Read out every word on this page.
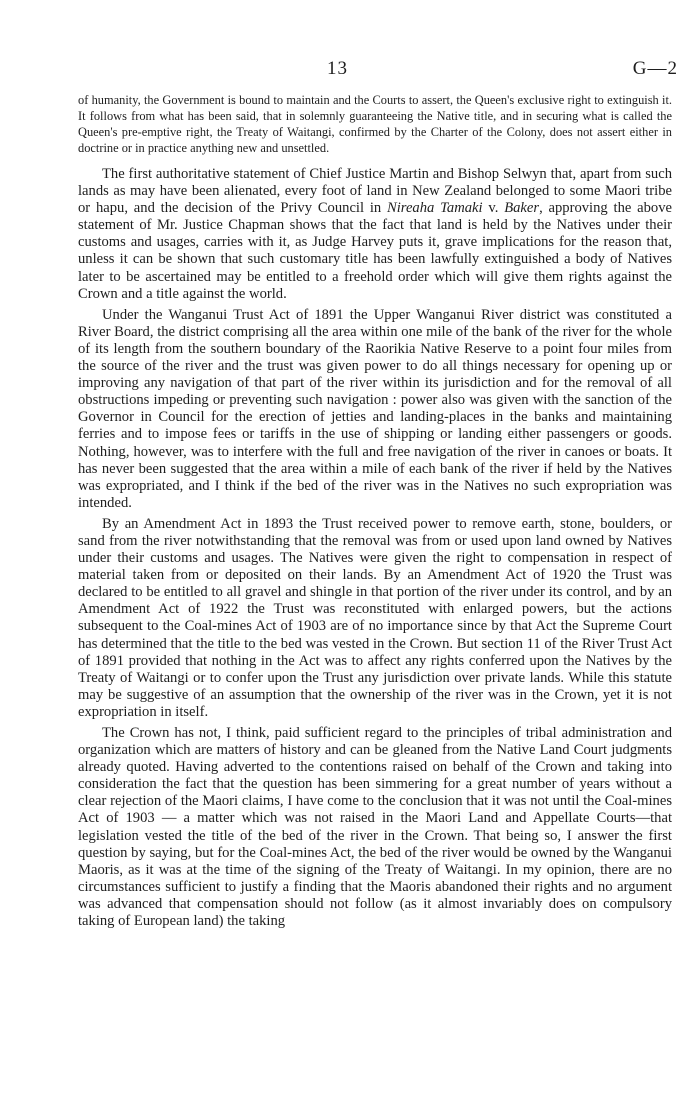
13	G—2

of humanity, the Government is bound to maintain and the Courts to assert, the Queen's exclusive right to extinguish it. It follows from what has been said, that in solemnly guaranteeing the Native title, and in securing what is called the Queen's pre-emptive right, the Treaty of Waitangi, confirmed by the Charter of the Colony, does not assert either in doctrine or in practice anything new and unsettled.

The first authoritative statement of Chief Justice Martin and Bishop Selwyn that, apart from such lands as may have been alienated, every foot of land in New Zealand belonged to some Maori tribe or hapu, and the decision of the Privy Council in Nireaha Tamaki v. Baker, approving the above statement of Mr. Justice Chapman shows that the fact that land is held by the Natives under their customs and usages, carries with it, as Judge Harvey puts it, grave implications for the reason that, unless it can be shown that such customary title has been lawfully extinguished a body of Natives later to be ascertained may be entitled to a freehold order which will give them rights against the Crown and a title against the world.

Under the Wanganui Trust Act of 1891 the Upper Wanganui River district was constituted a River Board, the district comprising all the area within one mile of the bank of the river for the whole of its length from the southern boundary of the Raorikia Native Reserve to a point four miles from the source of the river and the trust was given power to do all things necessary for opening up or improving any navigation of that part of the river within its jurisdiction and for the removal of all obstructions impeding or preventing such navigation : power also was given with the sanction of the Governor in Council for the erection of jetties and landing-places in the banks and maintaining ferries and to impose fees or tariffs in the use of shipping or landing either passengers or goods. Nothing, however, was to interfere with the full and free navigation of the river in canoes or boats. It has never been suggested that the area within a mile of each bank of the river if held by the Natives was expropriated, and I think if the bed of the river was in the Natives no such expropriation was intended.

By an Amendment Act in 1893 the Trust received power to remove earth, stone, boulders, or sand from the river notwithstanding that the removal was from or used upon land owned by Natives under their customs and usages. The Natives were given the right to compensation in respect of material taken from or deposited on their lands. By an Amendment Act of 1920 the Trust was declared to be entitled to all gravel and shingle in that portion of the river under its control, and by an Amendment Act of 1922 the Trust was reconstituted with enlarged powers, but the actions subsequent to the Coal-mines Act of 1903 are of no importance since by that Act the Supreme Court has determined that the title to the bed was vested in the Crown. But section 11 of the River Trust Act of 1891 provided that nothing in the Act was to affect any rights conferred upon the Natives by the Treaty of Waitangi or to confer upon the Trust any jurisdiction over private lands. While this statute may be suggestive of an assumption that the ownership of the river was in the Crown, yet it is not expropriation in itself.

The Crown has not, I think, paid sufficient regard to the principles of tribal administration and organization which are matters of history and can be gleaned from the Native Land Court judgments already quoted. Having adverted to the contentions raised on behalf of the Crown and taking into consideration the fact that the question has been simmering for a great number of years without a clear rejection of the Maori claims, I have come to the conclusion that it was not until the Coal-mines Act of 1903 — a matter which was not raised in the Maori Land and Appellate Courts—that legislation vested the title of the bed of the river in the Crown. That being so, I answer the first question by saying, but for the Coal-mines Act, the bed of the river would be owned by the Wanganui Maoris, as it was at the time of the signing of the Treaty of Waitangi. In my opinion, there are no circumstances sufficient to justify a finding that the Maoris abandoned their rights and no argument was advanced that compensation should not follow (as it almost invariably does on compulsory taking of European land) the taking
